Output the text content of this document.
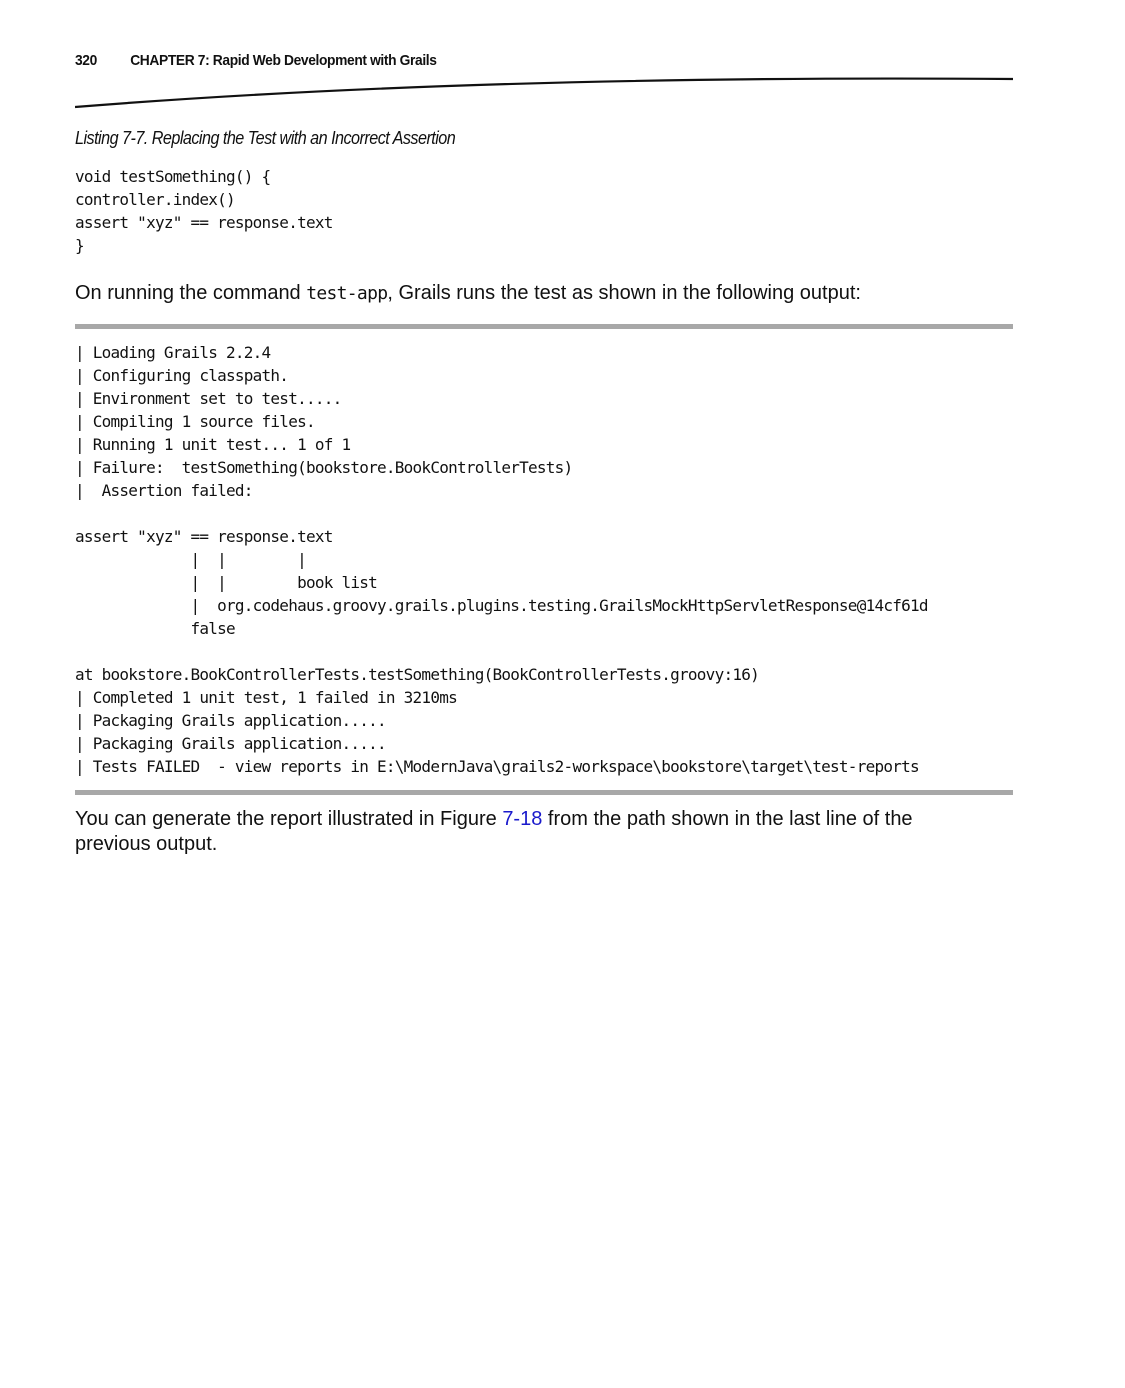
320 CHAPTER 7: Rapid Web Development with Grails
Listing 7-7. Replacing the Test with an Incorrect Assertion
void testSomething() {
controller.index()
assert "xyz" == response.text
}
On running the command test-app, Grails runs the test as shown in the following output:
| Loading Grails 2.2.4
| Configuring classpath.
| Environment set to test.....
| Compiling 1 source files.
| Running 1 unit test... 1 of 1
| Failure:  testSomething(bookstore.BookControllerTests)
|  Assertion failed:
assert "xyz" == response.text
|  |        |
|  |        book list
|  org.codehaus.groovy.grails.plugins.testing.GrailsMockHttpServletResponse@14cf61d
false
at bookstore.BookControllerTests.testSomething(BookControllerTests.groovy:16)
| Completed 1 unit test, 1 failed in 3210ms
| Packaging Grails application.....
| Packaging Grails application.....
| Tests FAILED  - view reports in E:\ModernJava\grails2-workspace\bookstore\target\test-reports
You can generate the report illustrated in Figure 7-18 from the path shown in the last line of the previous output.
